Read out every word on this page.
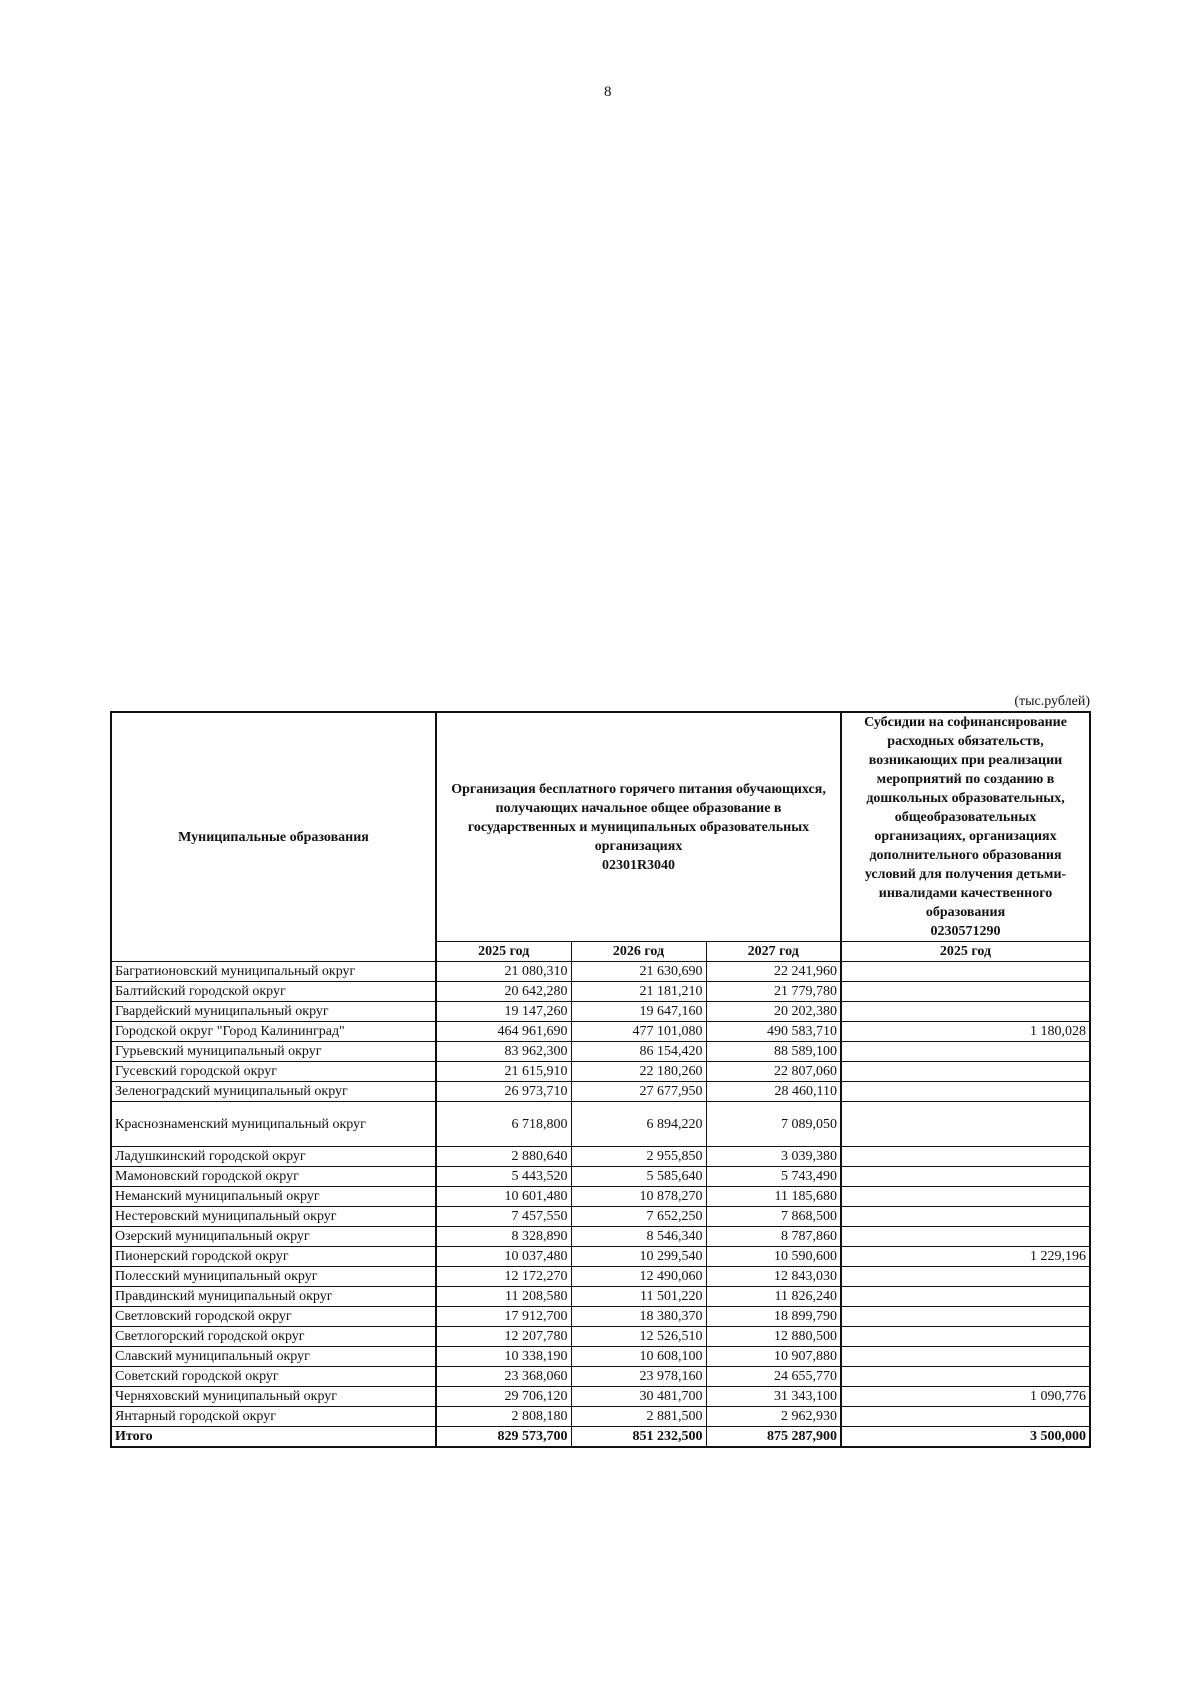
8
(тыс.рублей)
Муниципальные образования	Организация бесплатного горячего питания обучающихся, получающих начальное общее образование в государственных и муниципальных образовательных организациях
02301R3040			Субсидии на софинансирование расходных обязательств, возникающих при реализации мероприятий по созданию в дошкольных образовательных, общеобразовательных организациях, организациях дополнительного образования условий для получения детьми-инвалидами качественного образования
0230571290

	2025 год	2026 год	2027 год	2025 год
Багратионовский муниципальный округ	21 080,310	21 630,690	22 241,960	
Балтийский городской округ	20 642,280	21 181,210	21 779,780	
Гвардейский муниципальный округ	19 147,260	19 647,160	20 202,380	
Городской округ "Город Калининград"	464 961,690	477 101,080	490 583,710	1 180,028
Гурьевский муниципальный округ	83 962,300	86 154,420	88 589,100	
Гусевский городской округ	21 615,910	22 180,260	22 807,060	
Зеленоградский муниципальный округ	26 973,710	27 677,950	28 460,110	
Краснознаменский муниципальный округ	6 718,800	6 894,220	7 089,050	
Ладушкинский городской округ	2 880,640	2 955,850	3 039,380	
Мамоновский городской округ	5 443,520	5 585,640	5 743,490	
Неманский муниципальный округ	10 601,480	10 878,270	11 185,680	
Нестеровский муниципальный округ	7 457,550	7 652,250	7 868,500	
Озерский муниципальный округ	8 328,890	8 546,340	8 787,860	
Пионерский городской округ	10 037,480	10 299,540	10 590,600	1 229,196
Полесский муниципальный округ	12 172,270	12 490,060	12 843,030	
Правдинский муниципальный округ	11 208,580	11 501,220	11 826,240	
Светловский городской округ	17 912,700	18 380,370	18 899,790	
Светлогорский городской округ	12 207,780	12 526,510	12 880,500	
Славский муниципальный округ	10 338,190	10 608,100	10 907,880	
Советский городской округ	23 368,060	23 978,160	24 655,770	
Черняховский муниципальный округ	29 706,120	30 481,700	31 343,100	1 090,776
Янтарный городской округ	2 808,180	2 881,500	2 962,930	
Итого	829 573,700	851 232,500	875 287,900	3 500,000
